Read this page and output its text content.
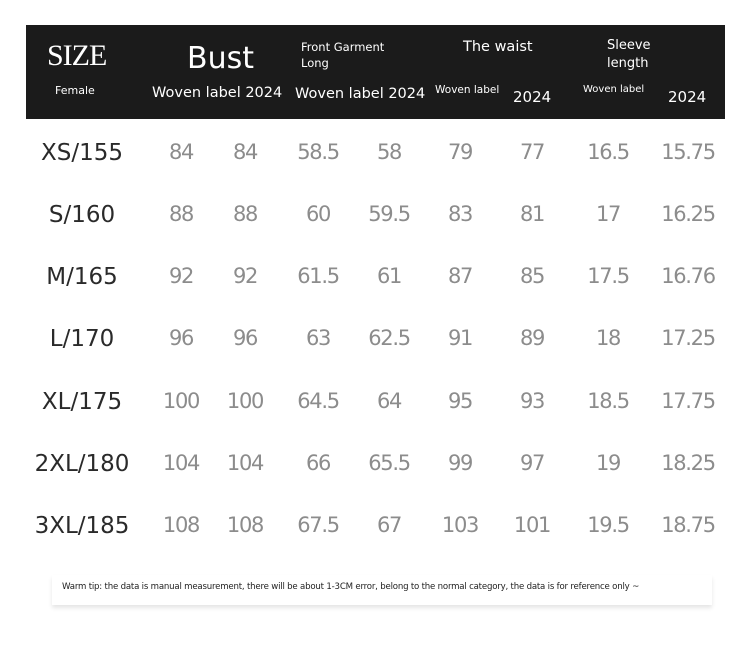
SIZE
Female
Bust
Woven label 2024
Front Garment
Long
Woven label 2024
The waist
Woven label 2024
Sleeve
length
Woven label 2024
XS/155 84 84 58.5 58 79 77 16.5 15.75
S/160	88 88 60 59.5 83 81 17 16.25
M/165 92 92 61.5 61 87 85 17.5 16.76
L/170	96 96 63 62.5 91 89 18 17.25
XL/175 100 100 64.5 64 95 93 18.5 17.75
2XL/180 104 104 66 65.5 99 97 19 18.25
3XL/185 108 108 67.5 67 103 101 19.5 18.75
Warm tip: the data is manual measurement, there will be about 1-3CM error, belong to the normal category, the data is for reference only ~
